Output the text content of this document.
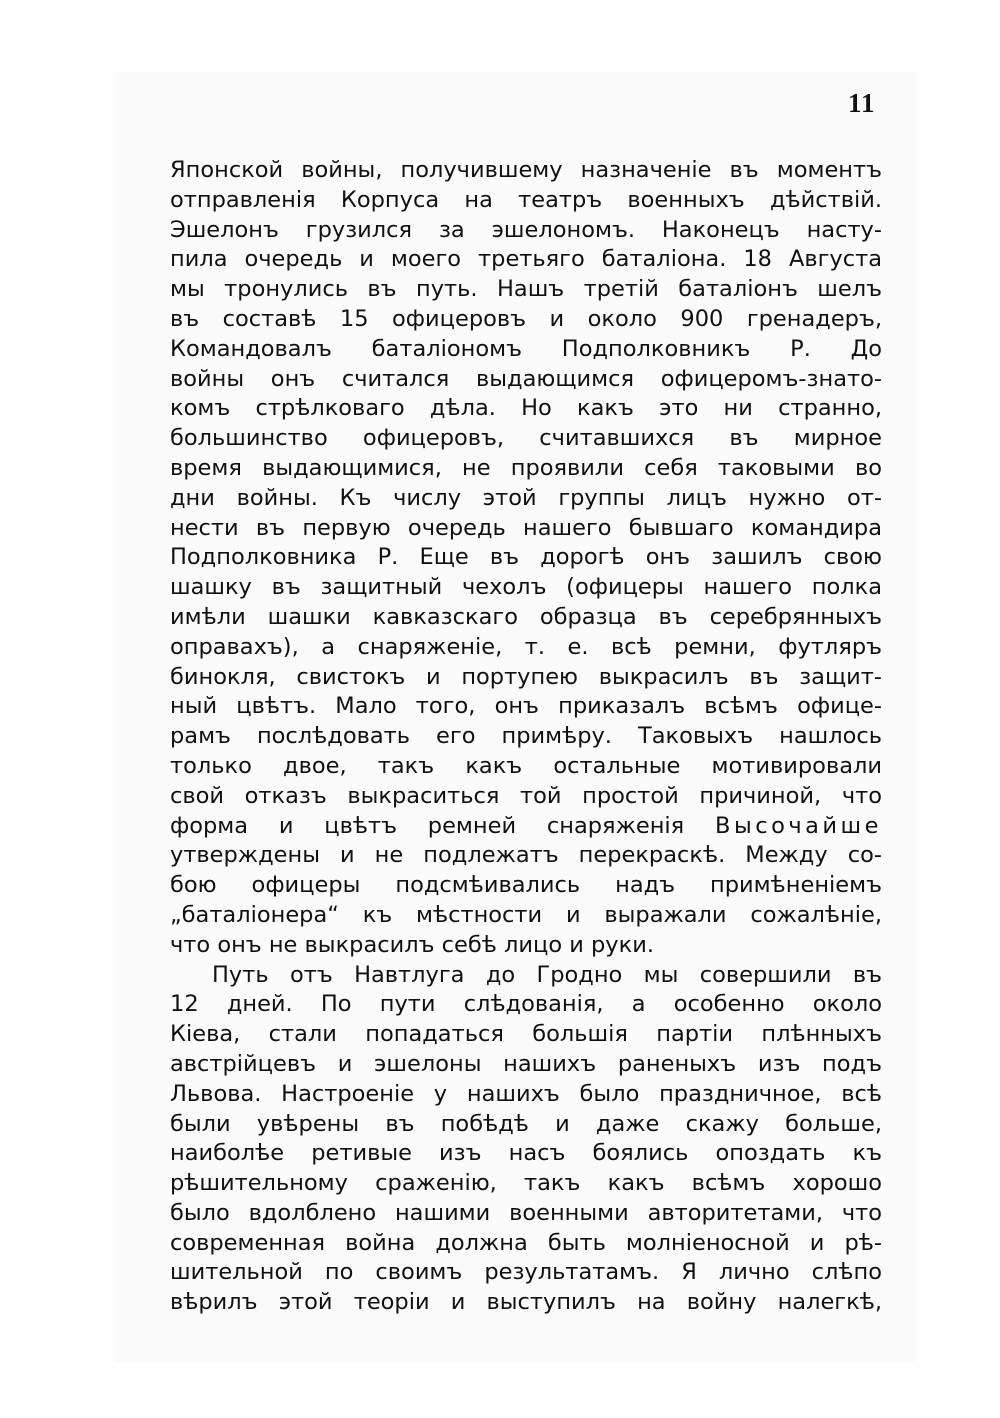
11
Японской войны, получившему назначеніе въ моментъ
отправленія Корпуса на театръ военныхъ дѣйствій.
Эшелонъ грузился за эшелономъ. Наконецъ насту-
пила очередь и моего третьяго баталіона. 18 Августа
мы тронулись въ путь. Нашъ третій баталіонъ шелъ
въ составѣ 15 офицеровъ и около 900 гренадеръ,
Командовалъ баталіономъ Подполковникъ Р. До
войны онъ считался выдающимся офицеромъ-знато-
комъ стрѣлковаго дѣла. Но какъ это ни странно,
большинство офицеровъ, считавшихся въ мирное
время выдающимися, не проявили себя таковыми во
дни войны. Къ числу этой группы лицъ нужно от-
нести въ первую очередь нашего бывшаго командира
Подполковника Р. Еще въ дорогѣ онъ зашилъ свою
шашку въ защитный чехолъ (офицеры нашего полка
имѣли шашки кавказскаго образца въ серебрянныхъ
оправахъ), а снаряженіе, т. е. всѣ ремни, футляръ
бинокля, свистокъ и портупею выкрасилъ въ защит-
ный цвѣтъ. Мало того, онъ приказалъ всѣмъ офице-
рамъ послѣдовать его примѣру. Таковыхъ нашлось
только двое, такъ какъ остальные мотивировали
свой отказъ выкраситься той простой причиной, что
форма и цвѣтъ ремней снаряженія Высочайше
утверждены и не подлежатъ перекраскѣ. Между со-
бою офицеры подсмѣивались надъ примѣненіемъ
„баталіонера“ къ мѣстности и выражали сожалѣніе,
что онъ не выкрасилъ себѣ лицо и руки.
Путь отъ Навтлуга до Гродно мы совершили въ
12 дней. По пути слѣдованія, а особенно около
Кіева, стали попадаться большія партіи плѣнныхъ
австрійцевъ и эшелоны нашихъ раненыхъ изъ подъ
Львова. Настроеніе у нашихъ было праздничное, всѣ
были увѣрены въ побѣдѣ и даже скажу больше,
наиболѣе ретивые изъ насъ боялись опоздать къ
рѣшительному сраженію, такъ какъ всѣмъ хорошо
было вдолблено нашими военными авторитетами, что
современная война должна быть молніеносной и рѣ-
шительной по своимъ результатамъ. Я лично слѣпо
вѣрилъ этой теоріи и выступилъ на войну налегкѣ,
